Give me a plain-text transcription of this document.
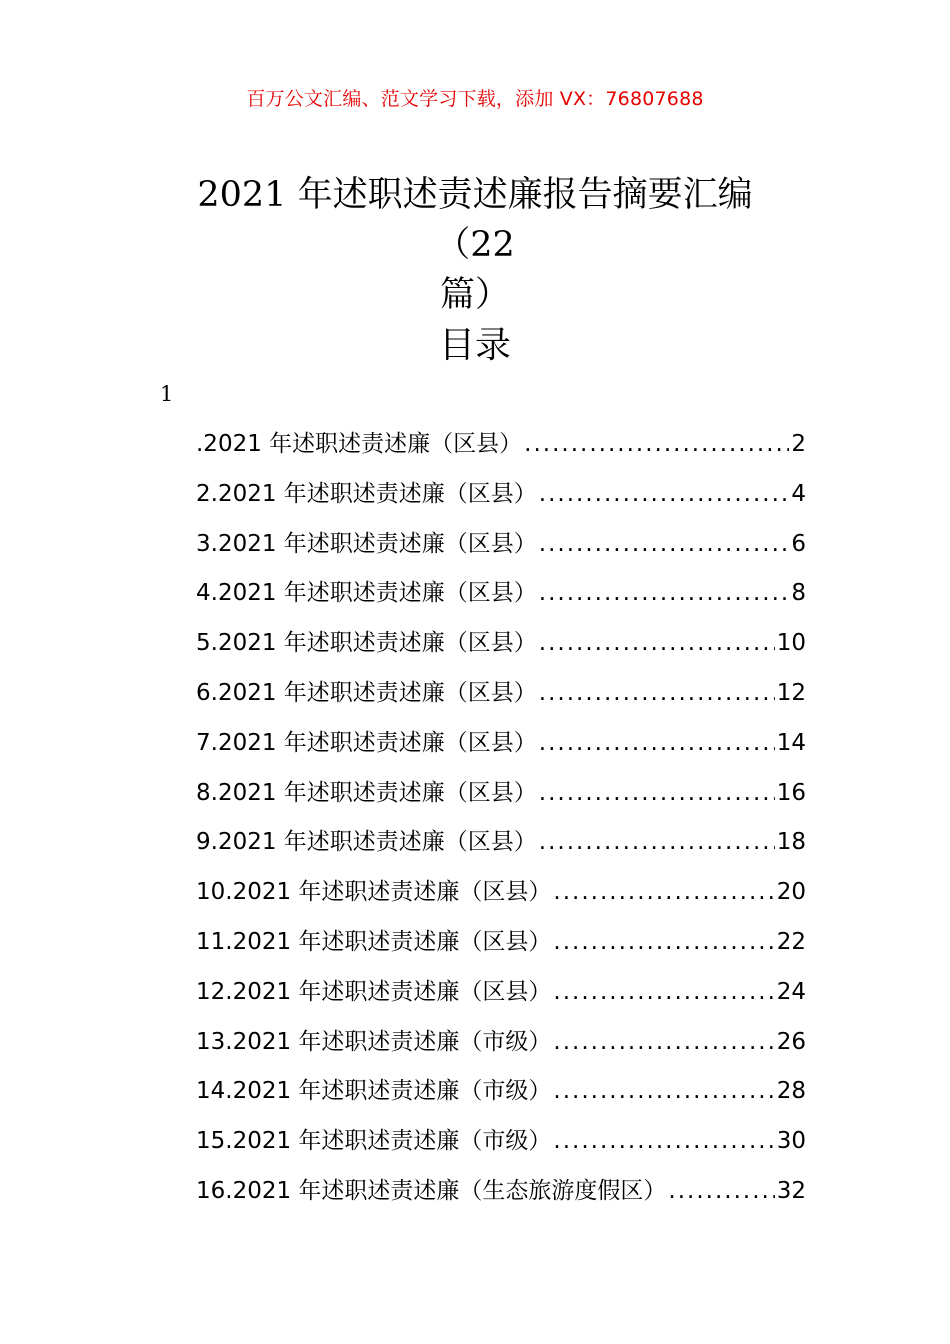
百万公文汇编、范文学习下载，添加 VX：76807688
2021 年述职述责述廉报告摘要汇编（22
篇）
目录
1
.2021 年述职述责述廉（区县） .....	2
2.2021 年述职述责述廉（区县） .....	4
3.2021 年述职述责述廉（区县） .....	6
4.2021 年述职述责述廉（区县） .....	8
5.2021 年述职述责述廉（区县） .....	10
6.2021 年述职述责述廉（区县） .....	12
7.2021 年述职述责述廉（区县） .....	14
8.2021 年述职述责述廉（区县） .....	16
9.2021 年述职述责述廉（区县） .....	18
10.2021 年述职述责述廉（区县） .....	20
11.2021 年述职述责述廉（区县） .....	22
12.2021 年述职述责述廉（区县） .....	24
13.2021 年述职述责述廉（市级） .....	26
14.2021 年述职述责述廉（市级） .....	28
15.2021 年述职述责述廉（市级） .....	30
16.2021 年述职述责述廉（生态旅游度假区） .....	32
